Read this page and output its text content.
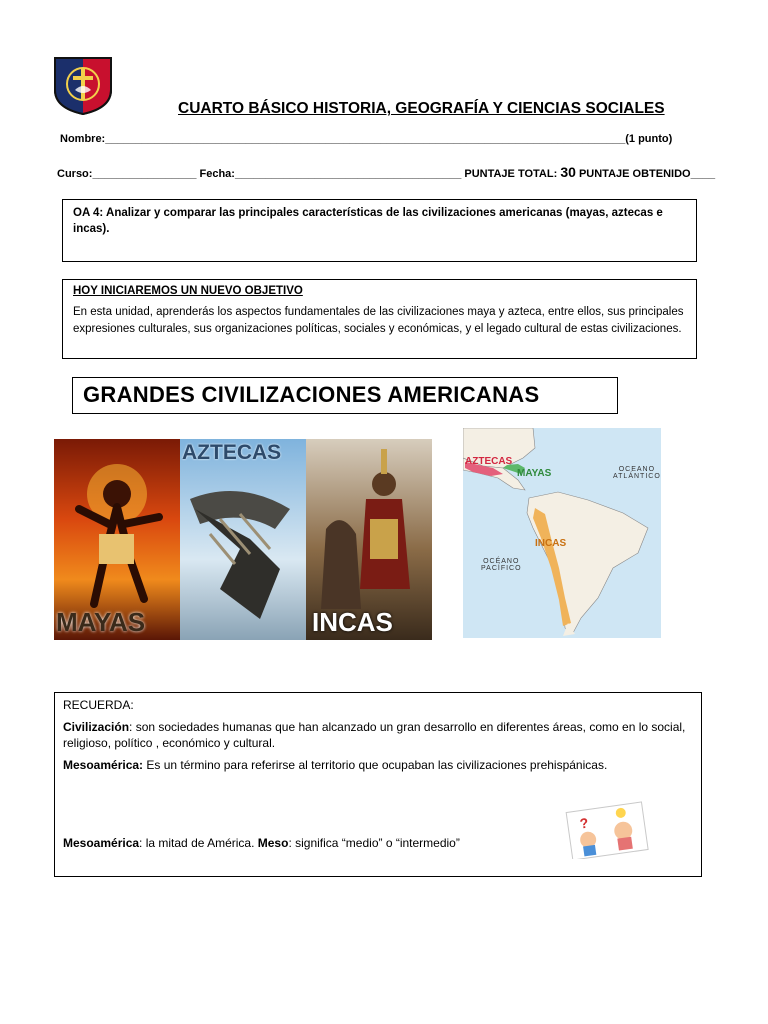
CUARTO BÁSICO HISTORIA, GEOGRAFÍA Y CIENCIAS SOCIALES
Nombre:_____________________________________________________________________________________(1 punto)
Curso:_________________ Fecha:_____________________________________ PUNTAJE TOTAL: 30 PUNTAJE OBTENIDO____
OA 4: Analizar y comparar las principales características de las civilizaciones americanas (mayas, aztecas e incas).
HOY INICIAREMOS UN NUEVO OBJETIVO
En esta unidad, aprenderás los aspectos fundamentales de las civilizaciones maya y azteca, entre ellos, sus principales expresiones culturales, sus organizaciones políticas, sociales y económicas, y el legado cultural de estas civilizaciones.
GRANDES CIVILIZACIONES AMERICANAS
MAYAS
AZTECAS
INCAS
AZTECAS
MAYAS
INCAS
OCEANO
ATLÁNTICO
OCÉANO
PACÍFICO

RECUERDA:

Civilización: son sociedades humanas que han alcanzado un gran desarrollo en diferentes áreas, como en lo social, religioso, político , económico y cultural.

Mesoamérica: Es un término para referirse al territorio que ocupaban las civilizaciones prehispánicas.

Mesoamérica: la mitad de América. Meso: significa “medio” o “intermedio”

?
